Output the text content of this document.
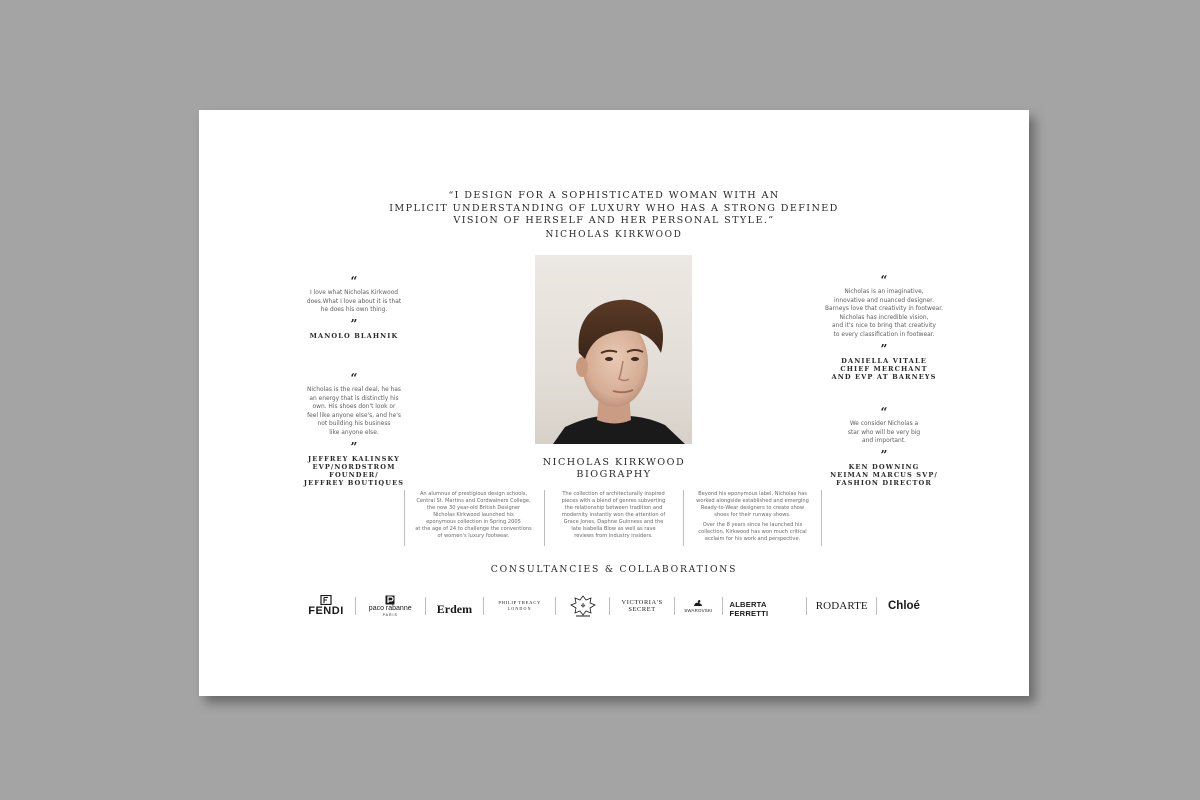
“I DESIGN FOR A SOPHISTICATED WOMAN WITH AN
IMPLICIT UNDERSTANDING OF LUXURY WHO HAS A STRONG DEFINED
VISION OF HERSELF AND HER PERSONAL STYLE.”
NICHOLAS KIRKWOOD
“
I love what Nicholas Kirkwood
does.What I love about it is that
he does his own thing.
”
MANOLO BLAHNIK
“
Nicholas is the real deal, he has
an energy that is distinctly his
own. His shoes don't look or
feel like anyone else's, and he's
not building his business
like anyone else.
”
JEFFREY KALINSKY
EVP/NORDSTROM
FOUNDER/
JEFFREY BOUTIQUES
“
Nicholas is an imaginative,
innovative and nuanced designer.
Barneys love that creativity in footwear.
Nicholas has incredible vision,
and it's nice to bring that creativity
to every classification in footwear.
”
DANIELLA VITALE
CHIEF MERCHANT
AND EVP AT BARNEYS
“
We consider Nicholas a
star who will be very big
and important.
”
KEN DOWNING
NEIMAN MARCUS SVP/
FASHION DIRECTOR
NICHOLAS KIRKWOOD
BIOGRAPHY
An alumnus of prestigious design schools,
Central St. Martins and Cordwainers College,
the now 30 year-old British Designer
Nicholas Kirkwood launched his
eponymous collection in Spring 2005
at the age of 24 to challenge the conventions
of women's luxury footwear.
The collection of architecturally inspired
pieces with a blend of genres subverting
the relationship between tradition and
modernity instantly won the attention of
Grace Jones, Daphne Guinness and the
late Isabella Blow as well as rave
reviews from industry insiders.
Beyond his eponymous label, Nicholas has
worked alongside established and emerging
Ready-to-Wear designers to create show
shoes for their runway shows.
Over the 8 years since he launched his
collection, Kirkwood has won much critical
acclaim for his work and perspective.
CONSULTANCIES & COLLABORATIONS
FENDI	paco rabanne
PARIS	Erdem	PHILIP TREACY
LONDON	※
VICTORIA'S
SECRET	SWAROVSKI
ALBERTA FERRETTI
RODARTE Chloé
